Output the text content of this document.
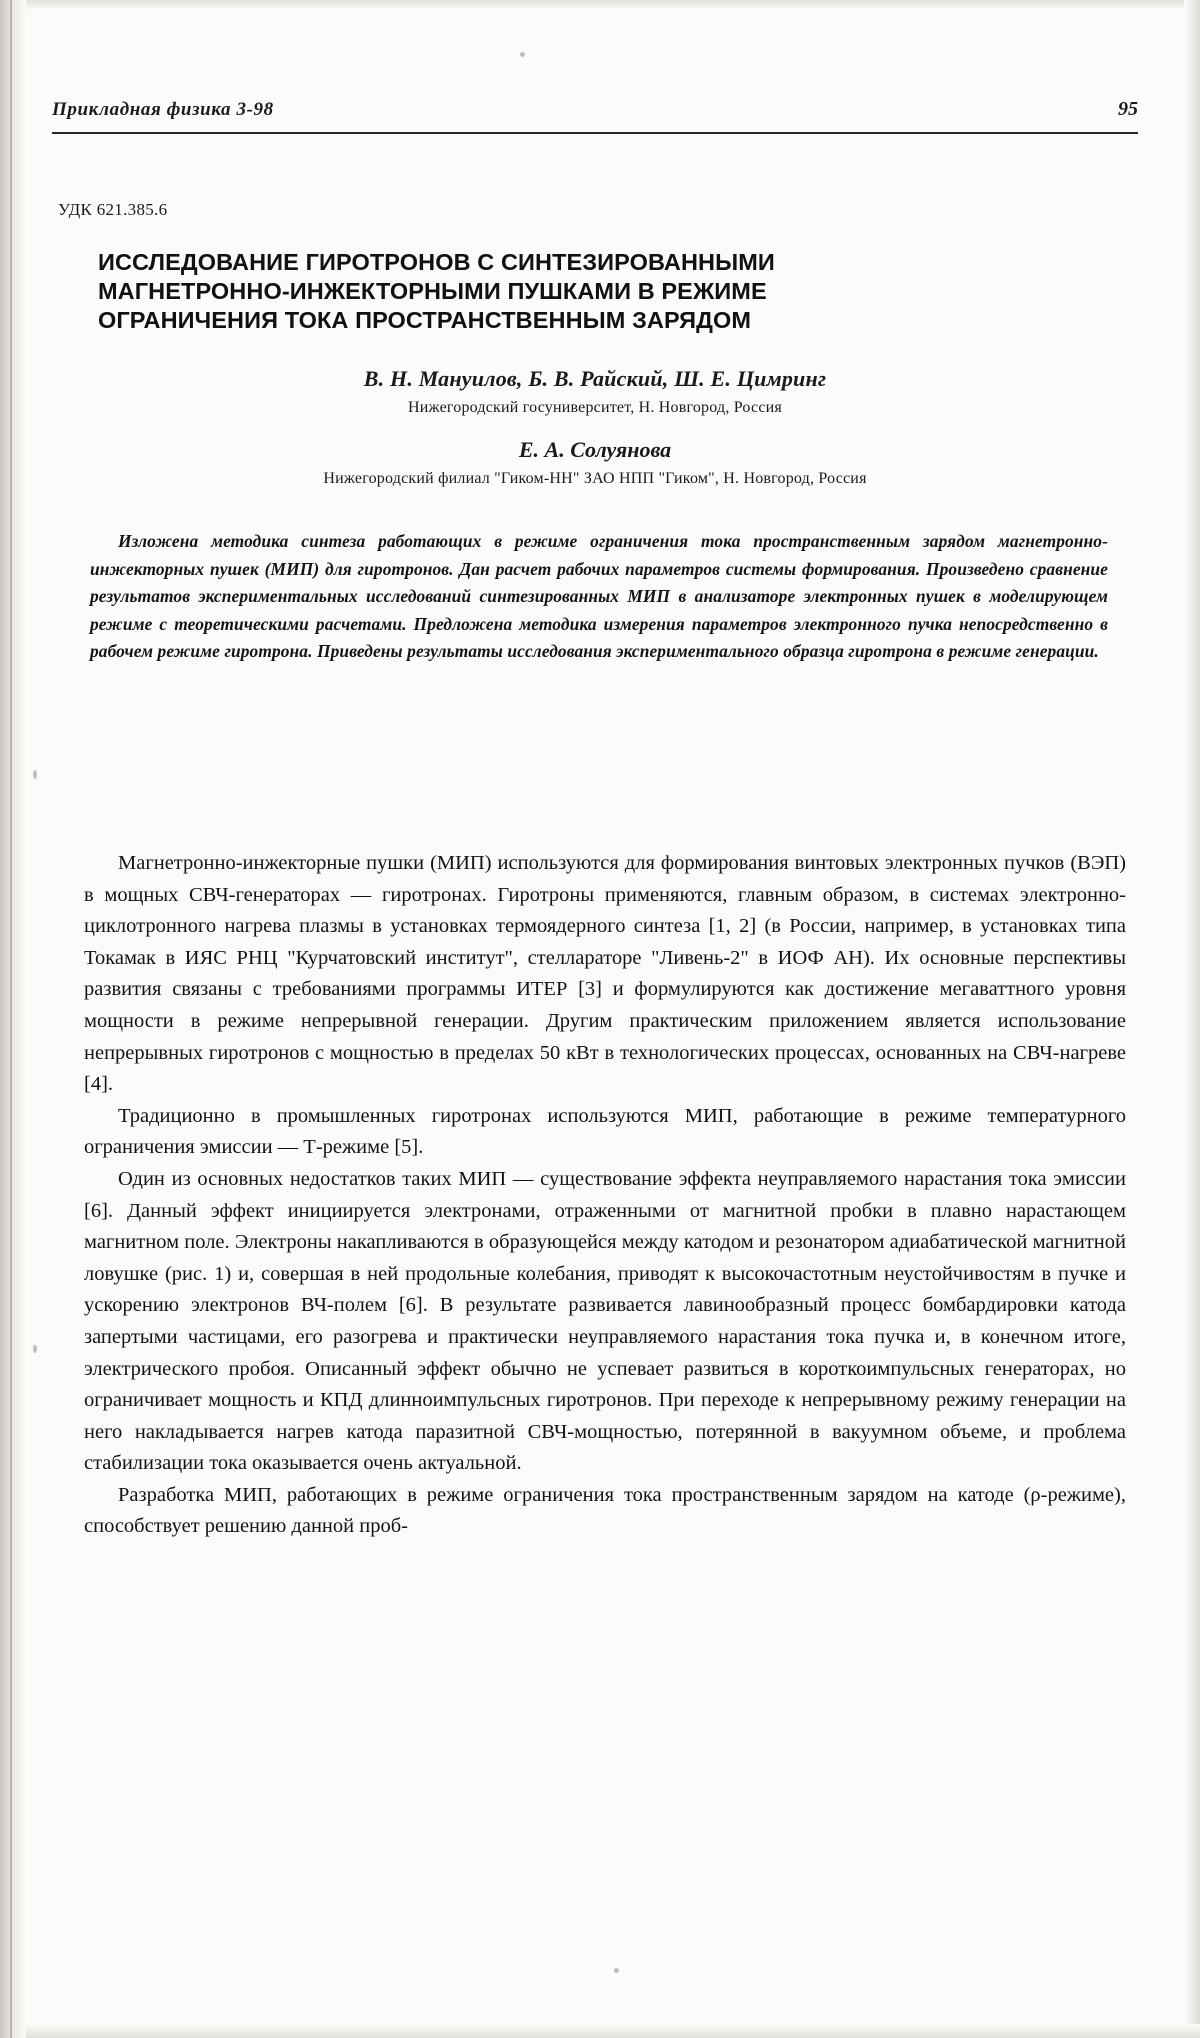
Прикладная физика 3-98	95
УДК 621.385.6
ИССЛЕДОВАНИЕ ГИРОТРОНОВ С СИНТЕЗИРОВАННЫМИ
МАГНЕТРОННО-ИНЖЕКТОРНЫМИ ПУШКАМИ В РЕЖИМЕ
ОГРАНИЧЕНИЯ ТОКА ПРОСТРАНСТВЕННЫМ ЗАРЯДОМ
В. Н. Мануилов, Б. В. Райский, Ш. Е. Цимринг
Нижегородский госуниверситет, Н. Новгород, Россия
Е. А. Солуянова
Нижегородский филиал "Гиком-НН" ЗАО НПП "Гиком", Н. Новгород, Россия
Изложена методика синтеза работающих в режиме ограничения тока пространственным зарядом магнетронно-инжекторных пушек (МИП) для гиротронов. Дан расчет рабочих параметров системы формирования. Произведено сравнение результатов экспериментальных исследований синтезированных МИП в анализаторе электронных пушек в моделирующем режиме с теоретическими расчетами. Предложена методика измерения параметров электронного пучка непосредственно в рабочем режиме гиротрона. Приведены результаты исследования экспериментального образца гиротрона в режиме генерации.

Магнетронно-инжекторные пушки (МИП) используются для формирования винтовых электронных пучков (ВЭП) в мощных СВЧ-генераторах — гиротронах. Гиротроны применяются, главным образом, в системах электронно-циклотронного нагрева плазмы в установках термоядерного синтеза [1, 2] (в России, например, в установках типа Токамак в ИЯС РНЦ "Курчатовский институт", стеллараторе "Ливень-2" в ИОФ АН). Их основные перспективы развития связаны с требованиями программы ИТЕР [3] и формулируются как достижение мегаваттного уровня мощности в режиме непрерывной генерации. Другим практическим приложением является использование непрерывных гиротронов с мощностью в пределах 50 кВт в технологических процессах, основанных на СВЧ-нагреве [4].

Традиционно в промышленных гиротронах используются МИП, работающие в режиме температурного ограничения эмиссии — Т-режиме [5].

Один из основных недостатков таких МИП — существование эффекта неуправляемого нарастания тока эмиссии [6]. Данный эффект инициируется электронами, отраженными от магнитной пробки в плавно нарастающем магнитном поле. Электроны накапливаются в образующейся между катодом и резонатором адиабатической магнитной ловушке (рис. 1) и, совершая в ней продольные колебания, приводят к высокочастотным неустойчивостям в пучке и ускорению электронов ВЧ-полем [6]. В результате развивается лавинообразный процесс бомбардировки катода запертыми частицами, его разогрева и практически неуправляемого нарастания тока пучка и, в конечном итоге, электрического пробоя. Описанный эффект обычно не успевает развиться в короткоимпульсных генераторах, но ограничивает мощность и КПД длинноимпульсных гиротронов. При переходе к непрерывному режиму генерации на него накладывается нагрев катода паразитной СВЧ-мощностью, потерянной в вакуумном объеме, и проблема стабилизации тока оказывается очень актуальной.

Разработка МИП, работающих в режиме ограничения тока пространственным зарядом на катоде (ρ-режиме), способствует решению данной проб-
